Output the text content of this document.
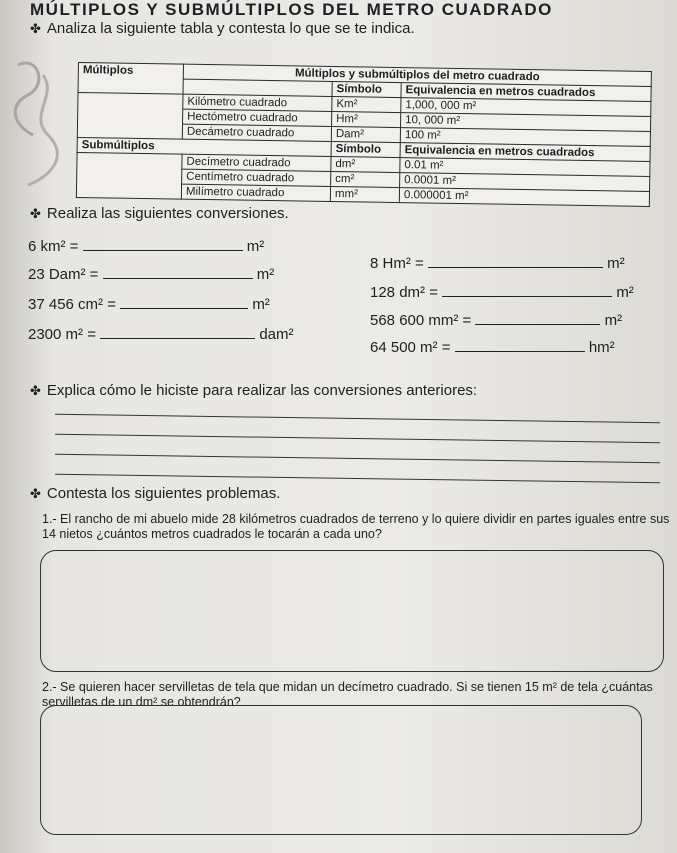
MÚLTIPLOS Y SUBMÚLTIPLOS DEL METRO CUADRADO
✤ Analiza la siguiente tabla y contesta lo que se te indica.
Múltiplos	Múltiplos y submúltiplos del metro cuadrado		
		Símbolo	Equivalencia en metros cuadrados
	Kilómetro cuadrado	Km²	1,000, 000 m²
	Hectómetro cuadrado	Hm²	10, 000 m²
	Decámetro cuadrado	Dam²	100 m²
Submúltiplos		Símbolo	Equivalencia en metros cuadrados
	Decímetro cuadrado	dm²	0.01 m²
	Centímetro cuadrado	cm²	0.0001 m²
	Milímetro cuadrado	mm²	0.000001 m²
✤ Realiza las siguientes conversiones.
6 km² =	m²
23 Dam² =	m²
37 456 cm² =	m²
2300 m² =	dam²
8 Hm² =	m²
128 dm² =	m²
568 600 mm² =	m²
64 500 m² =	hm²
✤ Explica cómo le hiciste para realizar las conversiones anteriores:
✤ Contesta los siguientes problemas.
1.- El rancho de mi abuelo mide 28 kilómetros cuadrados de terreno y lo quiere dividir en partes iguales entre sus 14 nietos ¿cuántos metros cuadrados le tocarán a cada uno?
2.- Se quieren hacer servilletas de tela que midan un decímetro cuadrado. Si se tienen 15 m² de tela ¿cuántas servilletas de un dm² se obtendrán?
